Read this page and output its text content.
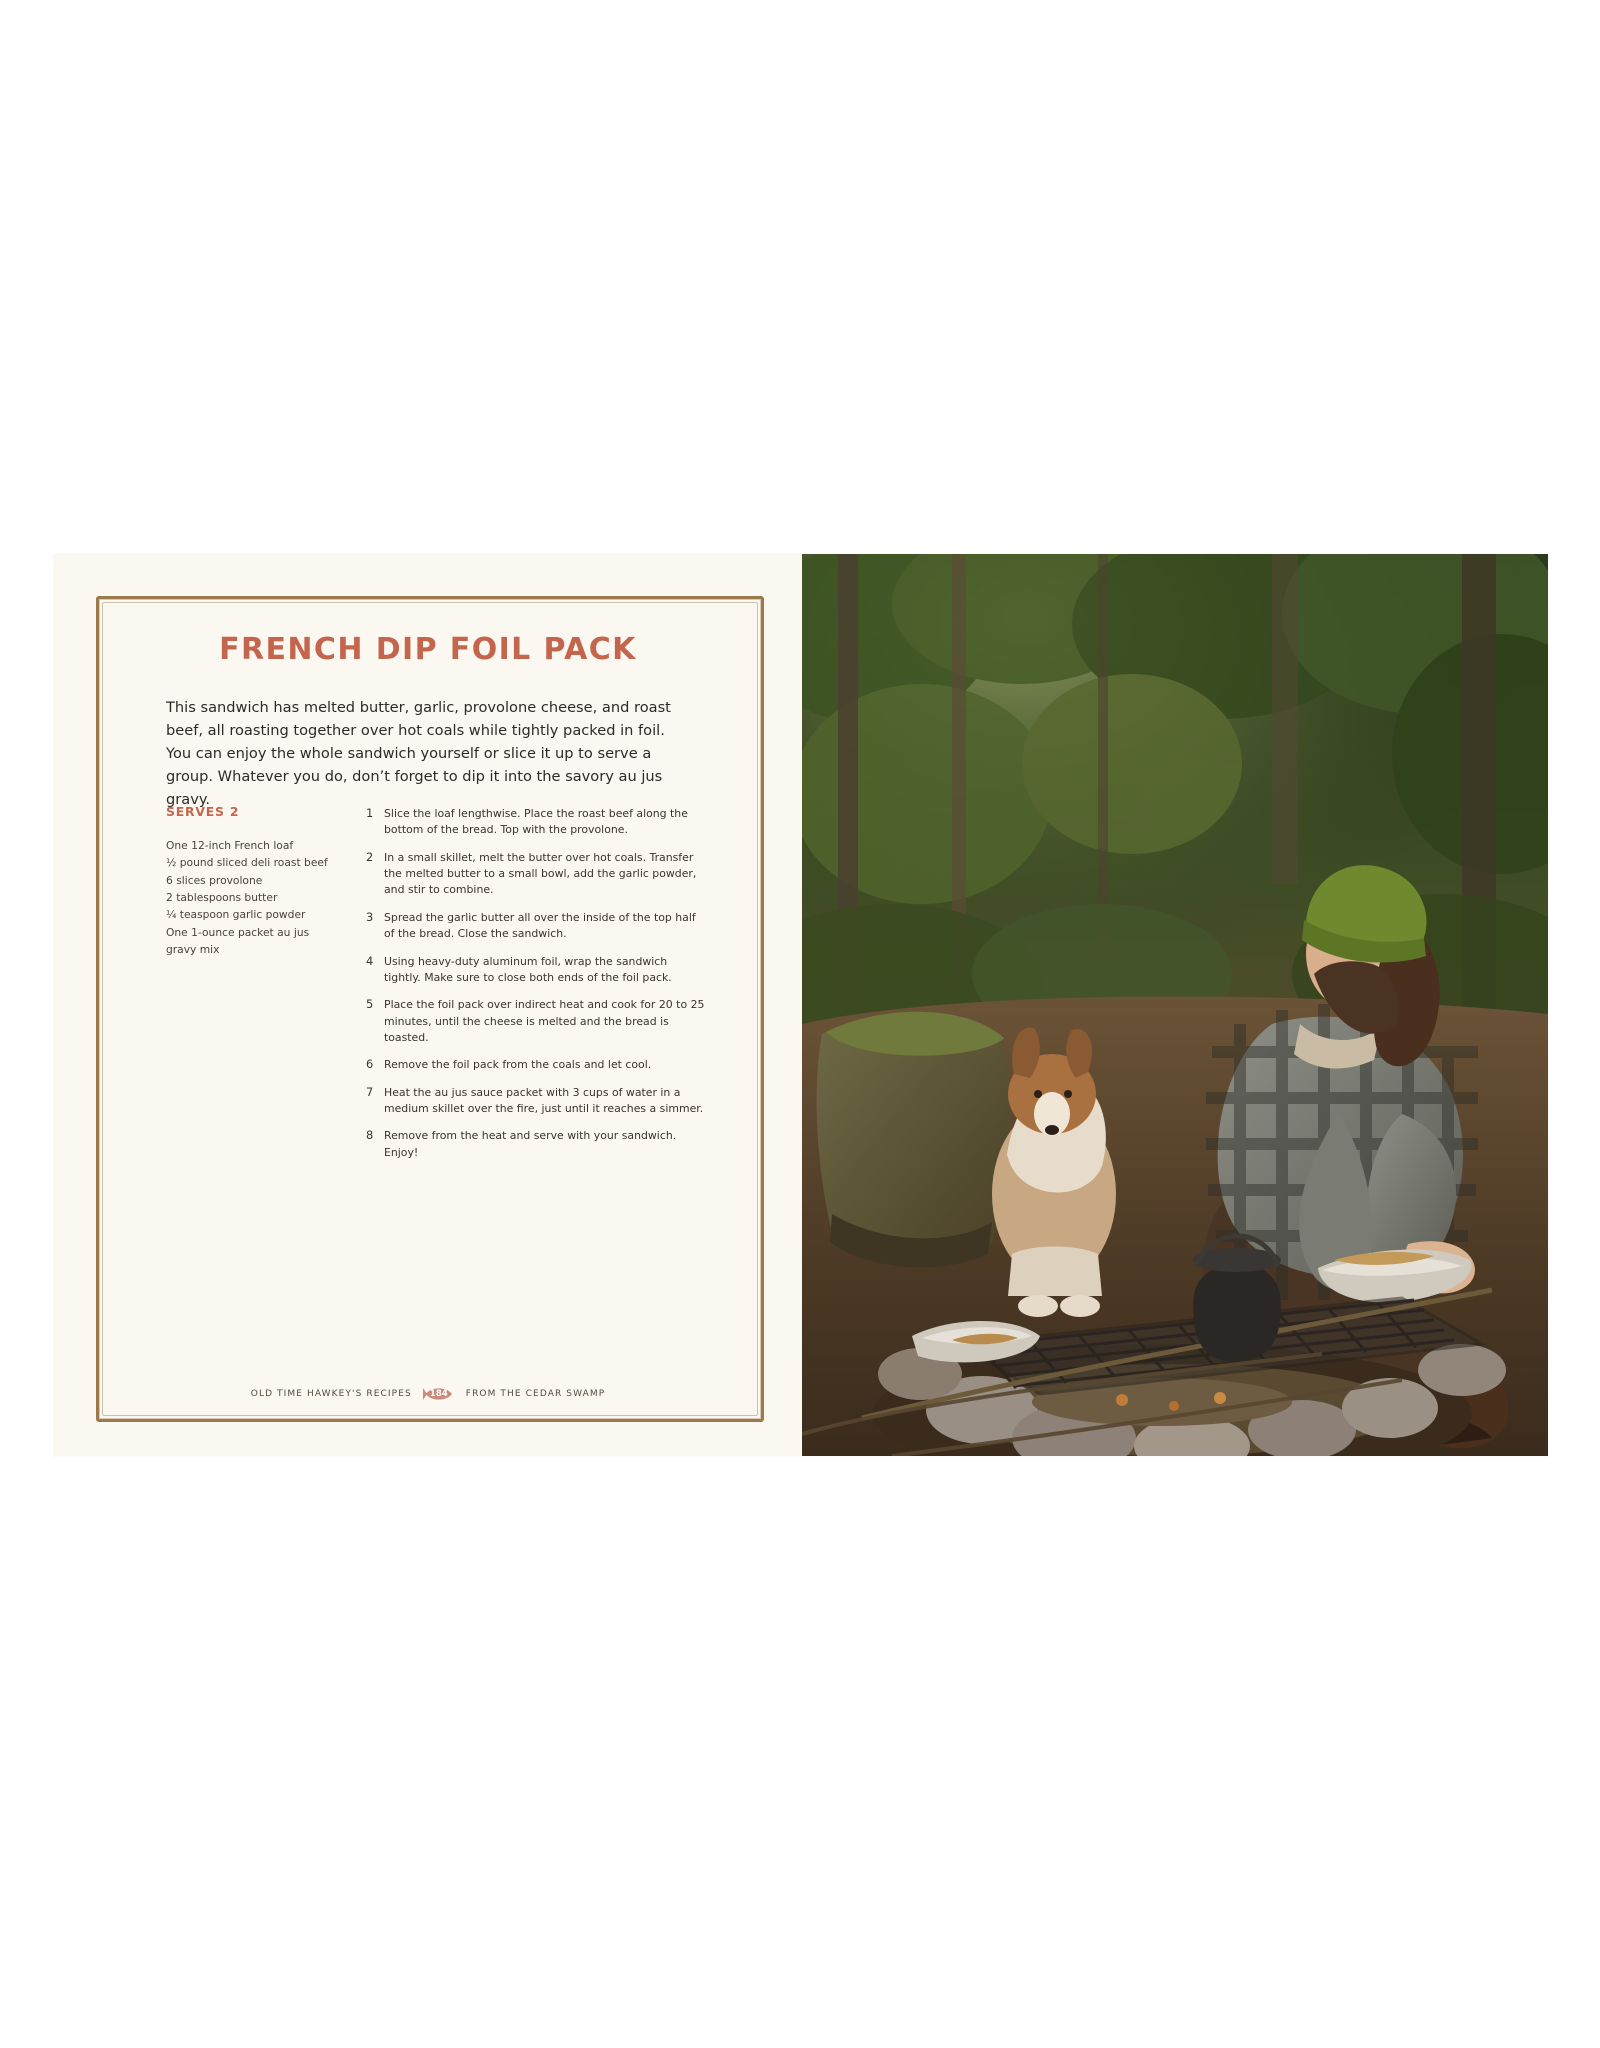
FRENCH DIP FOIL PACK
This sandwich has melted butter, garlic, provolone cheese, and roast beef, all roasting together over hot coals while tightly packed in foil. You can enjoy the whole sandwich yourself or slice it up to serve a group. Whatever you do, don’t forget to dip it into the savory au jus gravy.
SERVES 2
One 12-inch French loaf
½ pound sliced deli roast beef
6 slices provolone
2 tablespoons butter
¼ teaspoon garlic powder
One 1-ounce packet au jus gravy mix
1 Slice the loaf lengthwise. Place the roast beef along the bottom of the bread. Top with the provolone.
2 In a small skillet, melt the butter over hot coals. Transfer the melted butter to a small bowl, add the garlic powder, and stir to combine.
3 Spread the garlic butter all over the inside of the top half of the bread. Close the sandwich.
4 Using heavy-duty aluminum foil, wrap the sandwich tightly. Make sure to close both ends of the foil pack.
5 Place the foil pack over indirect heat and cook for 20 to 25 minutes, until the cheese is melted and the bread is toasted.
6 Remove the foil pack from the coals and let cool.
7 Heat the au jus sauce packet with 3 cups of water in a medium skillet over the fire, just until it reaches a simmer.
8 Remove from the heat and serve with your sandwich. Enjoy!
OLD TIME HAWKEY'S RECIPES 184 FROM THE CEDAR SWAMP
